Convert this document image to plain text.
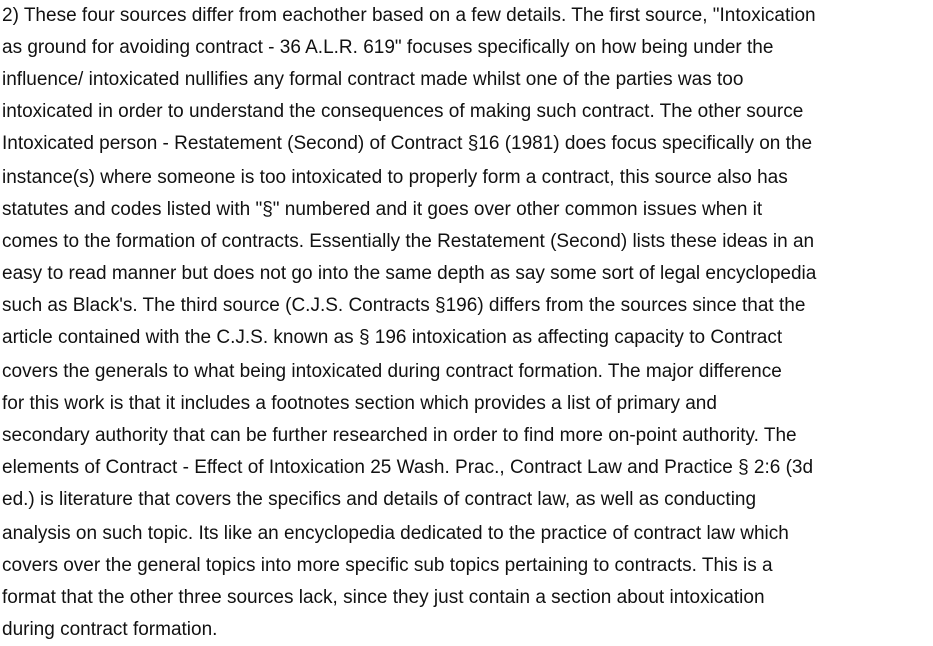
2) These four sources differ from eachother based on a few details. The first source, "Intoxication
as ground for avoiding contract - 36 A.L.R. 619" focuses specifically on how being under the
influence/ intoxicated nullifies any formal contract made whilst one of the parties was too
intoxicated in order to understand the consequences of making such contract. The other source
Intoxicated person - Restatement (Second) of Contract §16 (1981) does focus specifically on the
instance(s) where someone is too intoxicated to properly form a contract, this source also has
statutes and codes listed with "§" numbered and it goes over other common issues when it
comes to the formation of contracts. Essentially the Restatement (Second) lists these ideas in an
easy to read manner but does not go into the same depth as say some sort of legal encyclopedia
such as Black's. The third source (C.J.S. Contracts §196) differs from the sources since that the
article contained with the C.J.S. known as § 196 intoxication as affecting capacity to Contract
covers the generals to what being intoxicated during contract formation. The major difference
for this work is that it includes a footnotes section which provides a list of primary and
secondary authority that can be further researched in order to find more on-point authority. The
elements of Contract - Effect of Intoxication 25 Wash. Prac., Contract Law and Practice § 2:6 (3d
ed.) is literature that covers the specifics and details of contract law, as well as conducting
analysis on such topic. Its like an encyclopedia dedicated to the practice of contract law which
covers over the general topics into more specific sub topics pertaining to contracts. This is a
format that the other three sources lack, since they just contain a section about intoxication
during contract formation.
